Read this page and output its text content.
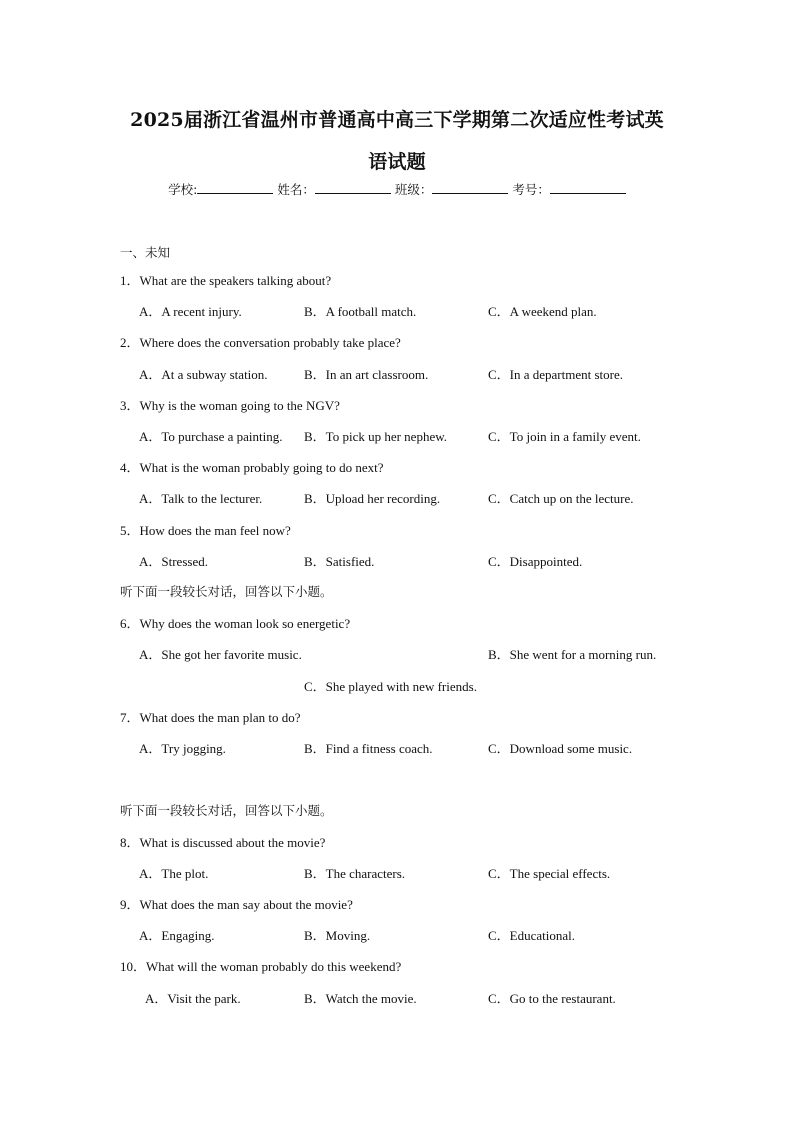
2025届浙江省温州市普通高中高三下学期第二次适应性考试英
语试题
学校:	姓名：	班级：	考号：
一、未知
1．What are the speakers talking about?
A．A recent injury.	B．A football match.	C．A weekend plan.
2．Where does the conversation probably take place?
A．At a subway station.	B．In an art classroom.	C．In a department store.
3．Why is the woman going to the NGV?
A．To purchase a painting. B．To pick up her nephew.	C．To join in a family event.
4．What is the woman probably going to do next?
A．Talk to the lecturer.	B．Upload her recording.	C．Catch up on the lecture.
5．How does the man feel now?
A．Stressed.	B．Satisfied.	C．Disappointed.
听下面一段较长对话，回答以下小题。
6．Why does the woman look so energetic?
A．She got her favorite music.	B．She went for a morning run.
C．She played with new friends.
7．What does the man plan to do?
A．Try jogging.	B．Find a fitness coach.	C．Download some music.
听下面一段较长对话，回答以下小题。
8．What is discussed about the movie?
A．The plot.	B．The characters.	C．The special effects.
9．What does the man say about the movie?
A．Engaging.	B．Moving.	C．Educational.
10．What will the woman probably do this weekend?
A．Visit the park.	B．Watch the movie.	C．Go to the restaurant.
